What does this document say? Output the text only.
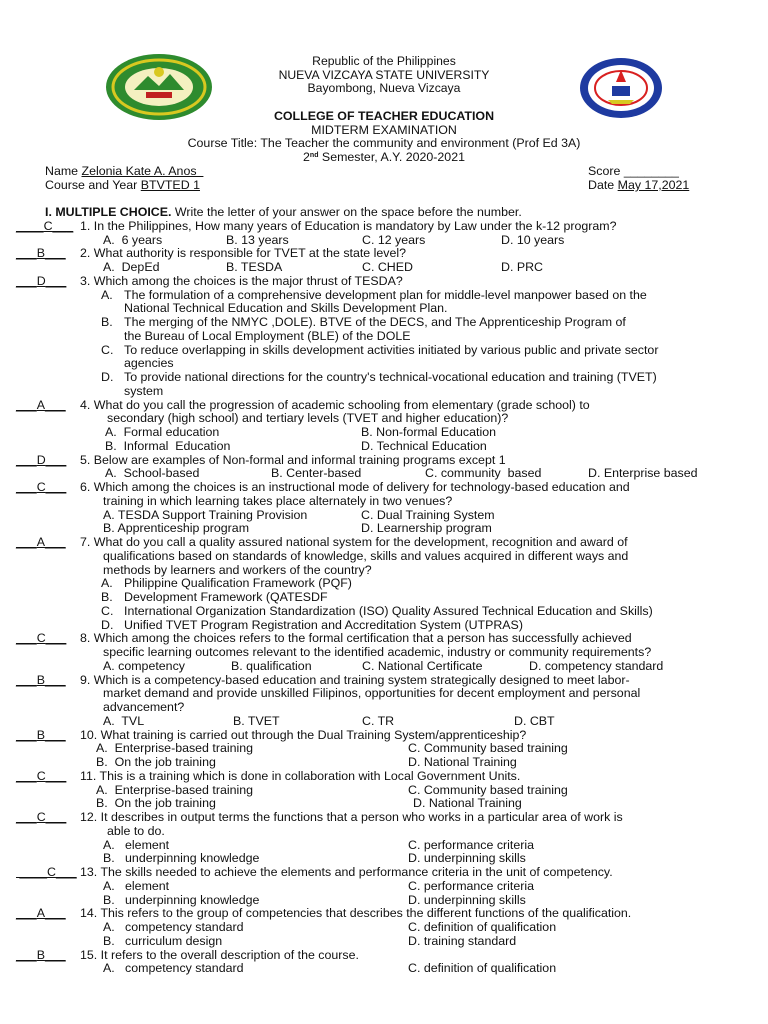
Republic of the Philippines
NUEVA VIZCAYA STATE UNIVERSITY
Bayombong, Nueva Vizcaya
COLLEGE OF TEACHER EDUCATION
MIDTERM EXAMINATION
Course Title: The Teacher the community and environment (Prof Ed 3A)
2nd Semester, A.Y. 2020-2021
Name Zelonia Kate A. Anos
Course and Year BTVTED 1
Score ________
Date May 17,2021
I. MULTIPLE CHOICE. Write the letter of your answer on the space before the number.
____C___ 1. In the Philippines, How many years of Education is mandatory by Law under the k-12 program?
A.  6 years	B. 13 years	C. 12 years	D. 10 years
___B___ 2. What authority is responsible for TVET at the state level?
A.  DepEd	B. TESDA	C. CHED	D. PRC
___D___ 3. Which among the choices is the major thrust of TESDA?
A. The formulation of a comprehensive development plan for middle-level manpower based on the
National Technical Education and Skills Development Plan.
B. The merging of the NMYC ,DOLE). BTVE of the DECS, and The Apprenticeship Program of
the Bureau of Local Employment (BLE) of the DOLE
C. To reduce overlapping in skills development activities initiated by various public and private sector
agencies
D. To provide national directions for the country's technical-vocational education and training (TVET)
system
___A___ 4. What do you call the progression of academic schooling from elementary (grade school) to
secondary (high school) and tertiary levels (TVET and higher education)?
A.  Formal education	B. Non-formal Education
B.  Informal  Education	D. Technical Education
___D___ 5. Below are examples of Non-formal and informal training programs except 1
A.  School-based	B. Center-based	C. community  based	D. Enterprise based
___C___ 6. Which among the choices is an instructional mode of delivery for technology-based education and
training in which learning takes place alternately in two venues?
A. TESDA Support Training Provision	C. Dual Training System
B. Apprenticeship program	D. Learnership program
___A___ 7. What do you call a quality assured national system for the development, recognition and award of
qualifications based on standards of knowledge, skills and values acquired in different ways and
methods by learners and workers of the country?
A. Philippine Qualification Framework (PQF)
B. Development Framework (QATESDF
C. International Organization Standardization (ISO) Quality Assured Technical Education and Skills)
D. Unified TVET Program Registration and Accreditation System (UTPRAS)
___C___ 8. Which among the choices refers to the formal certification that a person has successfully achieved
specific learning outcomes relevant to the identified academic, industry or community requirements?
A. competency	B. qualification	C. National Certificate	D. competency standard
___B___ 9. Which is a competency-based education and training system strategically designed to meet labor-
market demand and provide unskilled Filipinos, opportunities for decent employment and personal
advancement?
A.  TVL	B. TVET	C. TR	D. CBT
___B___ 10. What training is carried out through the Dual Training System/apprenticeship?
A.  Enterprise-based training	C. Community based training
B.  On the job training	D. National Training
___C___ 11. This is a training which is done in collaboration with Local Government Units.
A.  Enterprise-based training	C. Community based training
B.  On the job training	D. National Training
___C___ 12. It describes in output terms the functions that a person who works in a particular area of work is
able to do.
A.   element	C. performance criteria
B.   underpinning knowledge	D. underpinning skills
____C___ 13. The skills needed to achieve the elements and performance criteria in the unit of competency.
A.   element	C. performance criteria
B.   underpinning knowledge	D. underpinning skills
___A___ 14. This refers to the group of competencies that describes the different functions of the qualification.
A.   competency standard	C. definition of qualification
B.   curriculum design	D. training standard
___B___ 15. It refers to the overall description of the course.
A.   competency standard	C. definition of qualification
